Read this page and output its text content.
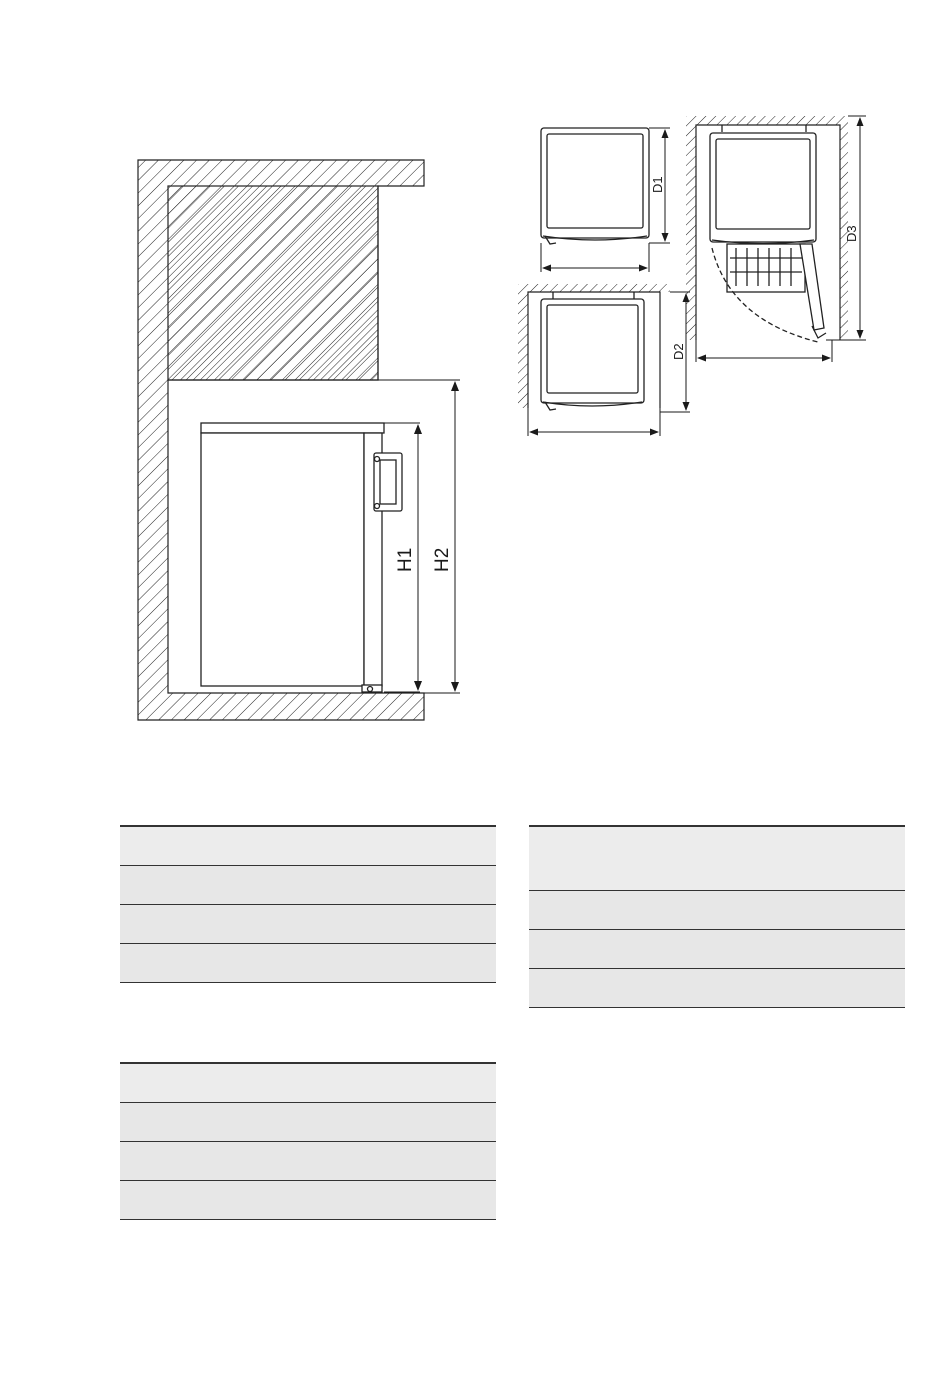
H1 H2
D1
D2
D3
